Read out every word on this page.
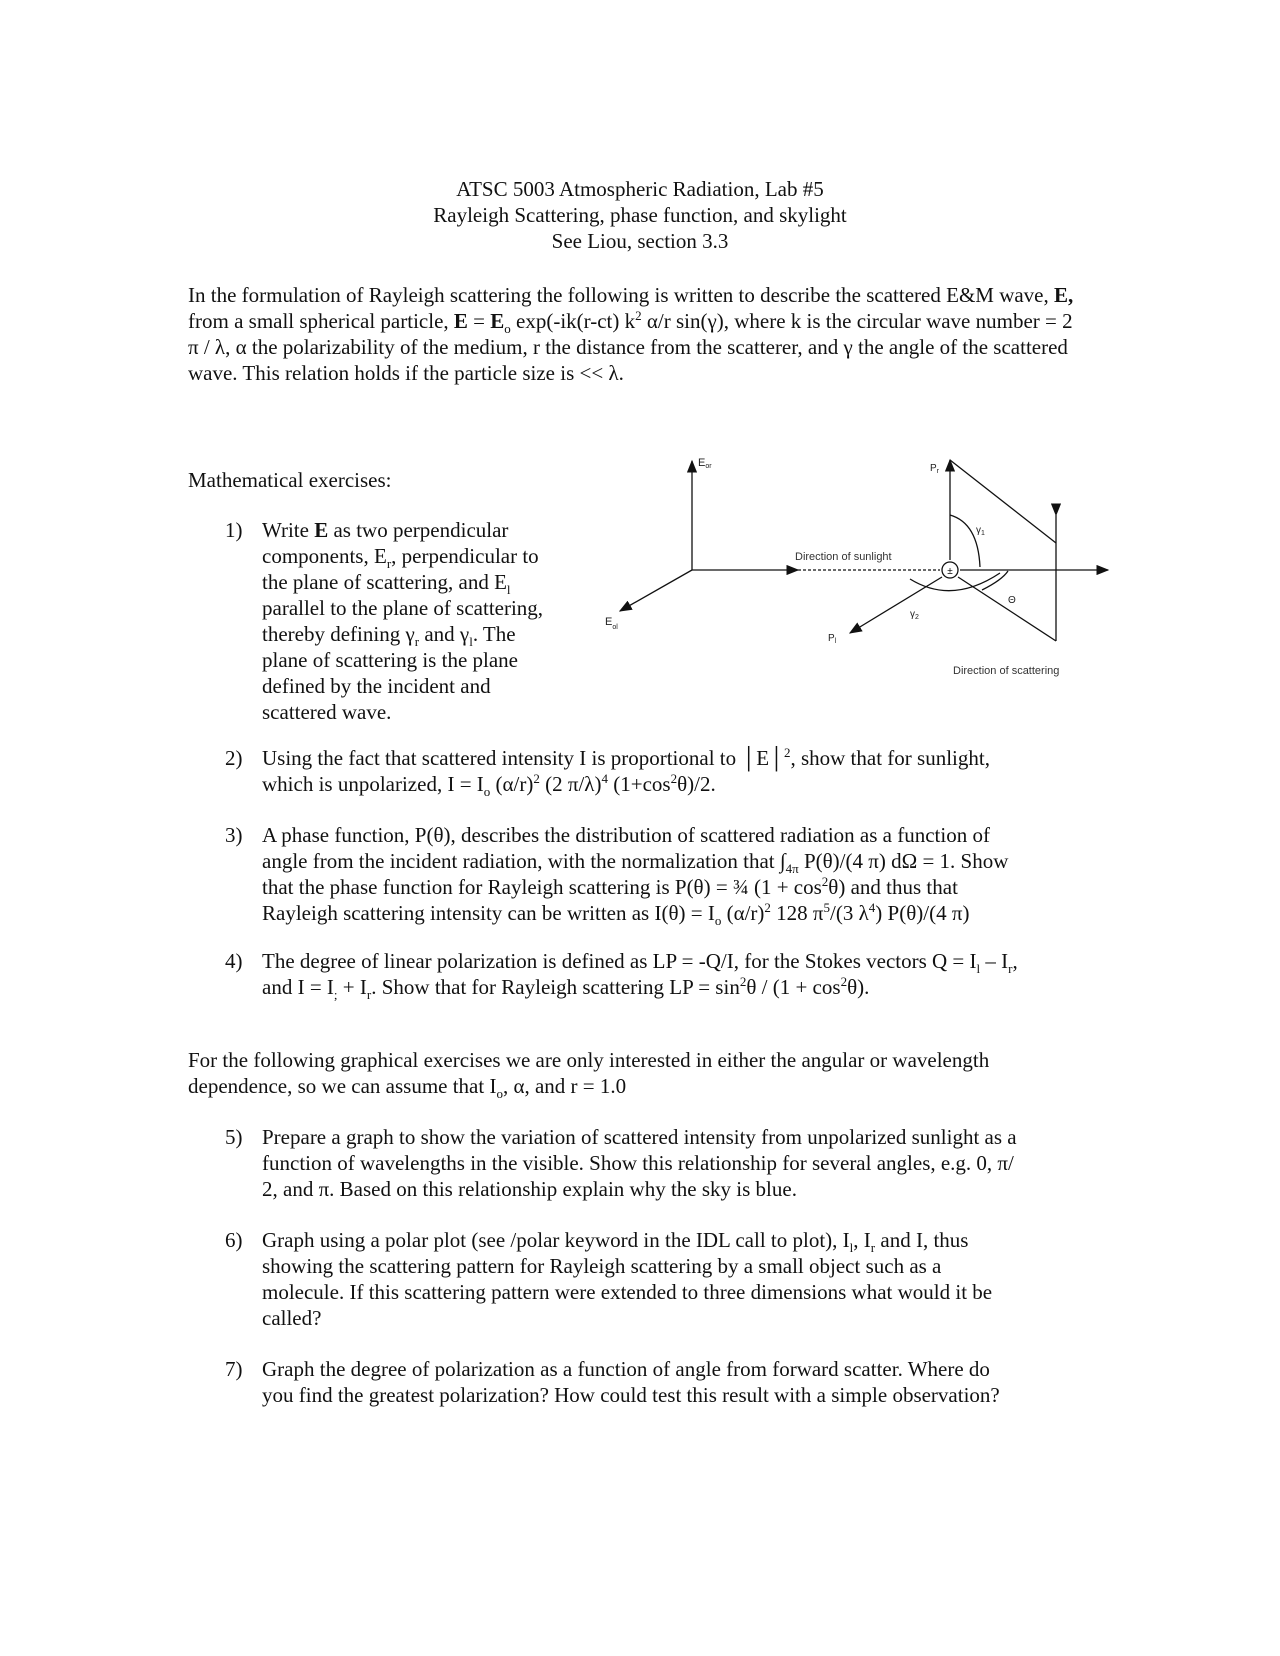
ATSC 5003 Atmospheric Radiation, Lab #5
Rayleigh Scattering, phase function, and skylight
See Liou, section 3.3
In the formulation of Rayleigh scattering the following is written to describe the scattered E&M wave, E, from a small spherical particle, $E = E_o$ exp(-ik(r-ct) $k^2$ α/r sin(γ), where k is the circular wave number = 2 π / λ, α the polarizability of the medium, r the distance from the scatterer, and γ the angle of the scattered wave. This relation holds if the particle size is << λ.
Mathematical exercises:
1) Write E as two perpendicular
components, $E_r$, perpendicular to
the plane of scattering, and $E_l$
parallel to the plane of scattering,
thereby defining $\gamma_r$ and $\gamma_l$. The
plane of scattering is the plane
defined by the incident and
scattered wave.
±
Eor
$E_{ol}$
$P_r$
$P_l$
$\gamma_1$
$\gamma_2$
Θ
Direction of sunlight
Direction of scattering
2) Using the fact that scattered intensity I is proportional to │E│$^2$, show that for sunlight,
which is unpolarized, $I = I_o$ $(\alpha/r)^2$ (2 π/λ)$^4$ $(1+\cos^2\theta)/2$.
3) A phase function, P(θ), describes the distribution of scattered radiation as a function of
angle from the incident radiation, with the normalization that $\int_{4\pi}$ P(θ)/(4 π) dΩ = 1. Show
that the phase function for Rayleigh scattering is P(θ) = ¾ $(1 + \cos^2\theta)$ and thus that
Rayleigh scattering intensity can be written as $I(\theta) = I_o$ $(\alpha/r)^2$ 128 $\pi^5/(3$ $\lambda^4$) P(θ)/(4 π)
4) The degree of linear polarization is defined as LP = -Q/I, for the Stokes vectors $Q = I_l - I_r$,
and $I = I_; + I_r$. Show that for Rayleigh scattering LP = $\sin^2\theta / (1 + \cos^2\theta)$.
For the following graphical exercises we are only interested in either the angular or wavelength
dependence, so we can assume that $I_o$, α, and r = 1.0
5) Prepare a graph to show the variation of scattered intensity from unpolarized sunlight as a
function of wavelengths in the visible. Show this relationship for several angles, e.g. 0, π/
2, and π. Based on this relationship explain why the sky is blue.
6) Graph using a polar plot (see /polar keyword in the IDL call to plot), $I_l$, $I_r$ and I, thus
showing the scattering pattern for Rayleigh scattering by a small object such as a
molecule. If this scattering pattern were extended to three dimensions what would it be
called?
7) Graph the degree of polarization as a function of angle from forward scatter. Where do
you find the greatest polarization? How could test this result with a simple observation?
